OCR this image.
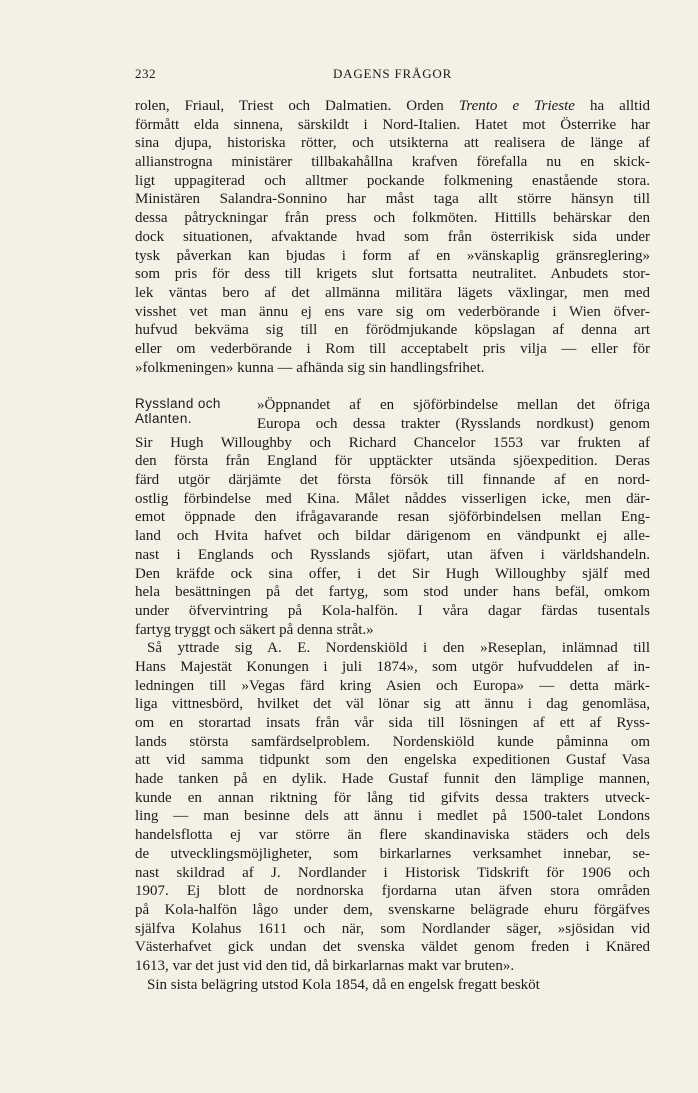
232	DAGENS FRÅGOR
rolen, Friaul, Triest och Dalmatien. Orden Trento e Trieste ha alltid
förmått elda sinnena, särskildt i Nord-Italien. Hatet mot Österrike har
sina djupa, historiska rötter, och utsikterna att realisera de länge af
allianstrogna ministärer tillbakahållna krafven förefalla nu en skick-
ligt uppagiterad och alltmer pockande folkmening enastående stora.
Ministären Salandra-Sonnino har måst taga allt större hänsyn till
dessa påtryckningar från press och folkmöten. Hittills behärskar den
dock situationen, afvaktande hvad som från österrikisk sida under
tysk påverkan kan bjudas i form af en »vänskaplig gränsreglering»
som pris för dess till krigets slut fortsatta neutralitet. Anbudets stor-
lek väntas bero af det allmänna militära lägets växlingar, men med
visshet vet man ännu ej ens vare sig om vederbörande i Wien öfver-
hufvud bekväma sig till en förödmjukande köpslagan af denna art
eller om vederbörande i Rom till acceptabelt pris vilja — eller för
»folkmeningen» kunna — afhända sig sin handlingsfrihet.
Ryssland och
Atlanten.
»Öppnandet af en sjöförbindelse mellan det öfriga
Europa och dessa trakter (Rysslands nordkust) genom
Sir Hugh Willoughby och Richard Chancelor 1553 var frukten af
den första från England för upptäckter utsända sjöexpedition. Deras
färd utgör därjämte det första försök till finnande af en nord-
ostlig förbindelse med Kina. Målet nåddes visserligen icke, men där-
emot öppnade den ifrågavarande resan sjöförbindelsen mellan Eng-
land och Hvita hafvet och bildar därigenom en vändpunkt ej alle-
nast i Englands och Rysslands sjöfart, utan äfven i världshandeln.
Den kräfde ock sina offer, i det Sir Hugh Willoughby själf med
hela besättningen på det fartyg, som stod under hans befäl, omkom
under öfvervintring på Kola-halfön. I våra dagar färdas tusentals
fartyg tryggt och säkert på denna stråt.»
Så yttrade sig A. E. Nordenskiöld i den »Reseplan, inlämnad till
Hans Majestät Konungen i juli 1874», som utgör hufvuddelen af in-
ledningen till »Vegas färd kring Asien och Europa» — detta märk-
liga vittnesbörd, hvilket det väl lönar sig att ännu i dag genomläsa,
om en storartad insats från vår sida till lösningen af ett af Ryss-
lands största samfärdselproblem. Nordenskiöld kunde påminna om
att vid samma tidpunkt som den engelska expeditionen Gustaf Vasa
hade tanken på en dylik. Hade Gustaf funnit den lämplige mannen,
kunde en annan riktning för lång tid gifvits dessa trakters utveck-
ling — man besinne dels att ännu i medlet på 1500-talet Londons
handelsflotta ej var större än flere skandinaviska städers och dels
de utvecklingsmöjligheter, som birkarlarnes verksamhet innebar, se-
nast skildrad af J. Nordlander i Historisk Tidskrift för 1906 och
1907. Ej blott de nordnorska fjordarna utan äfven stora områden
på Kola-halfön lågo under dem, svenskarne belägrade ehuru förgäfves
själfva Kolahus 1611 och när, som Nordlander säger, »sjösidan vid
Västerhafvet gick undan det svenska väldet genom freden i Knäred
1613, var det just vid den tid, då birkarlarnas makt var bruten».
Sin sista belägring utstod Kola 1854, då en engelsk fregatt besköt
